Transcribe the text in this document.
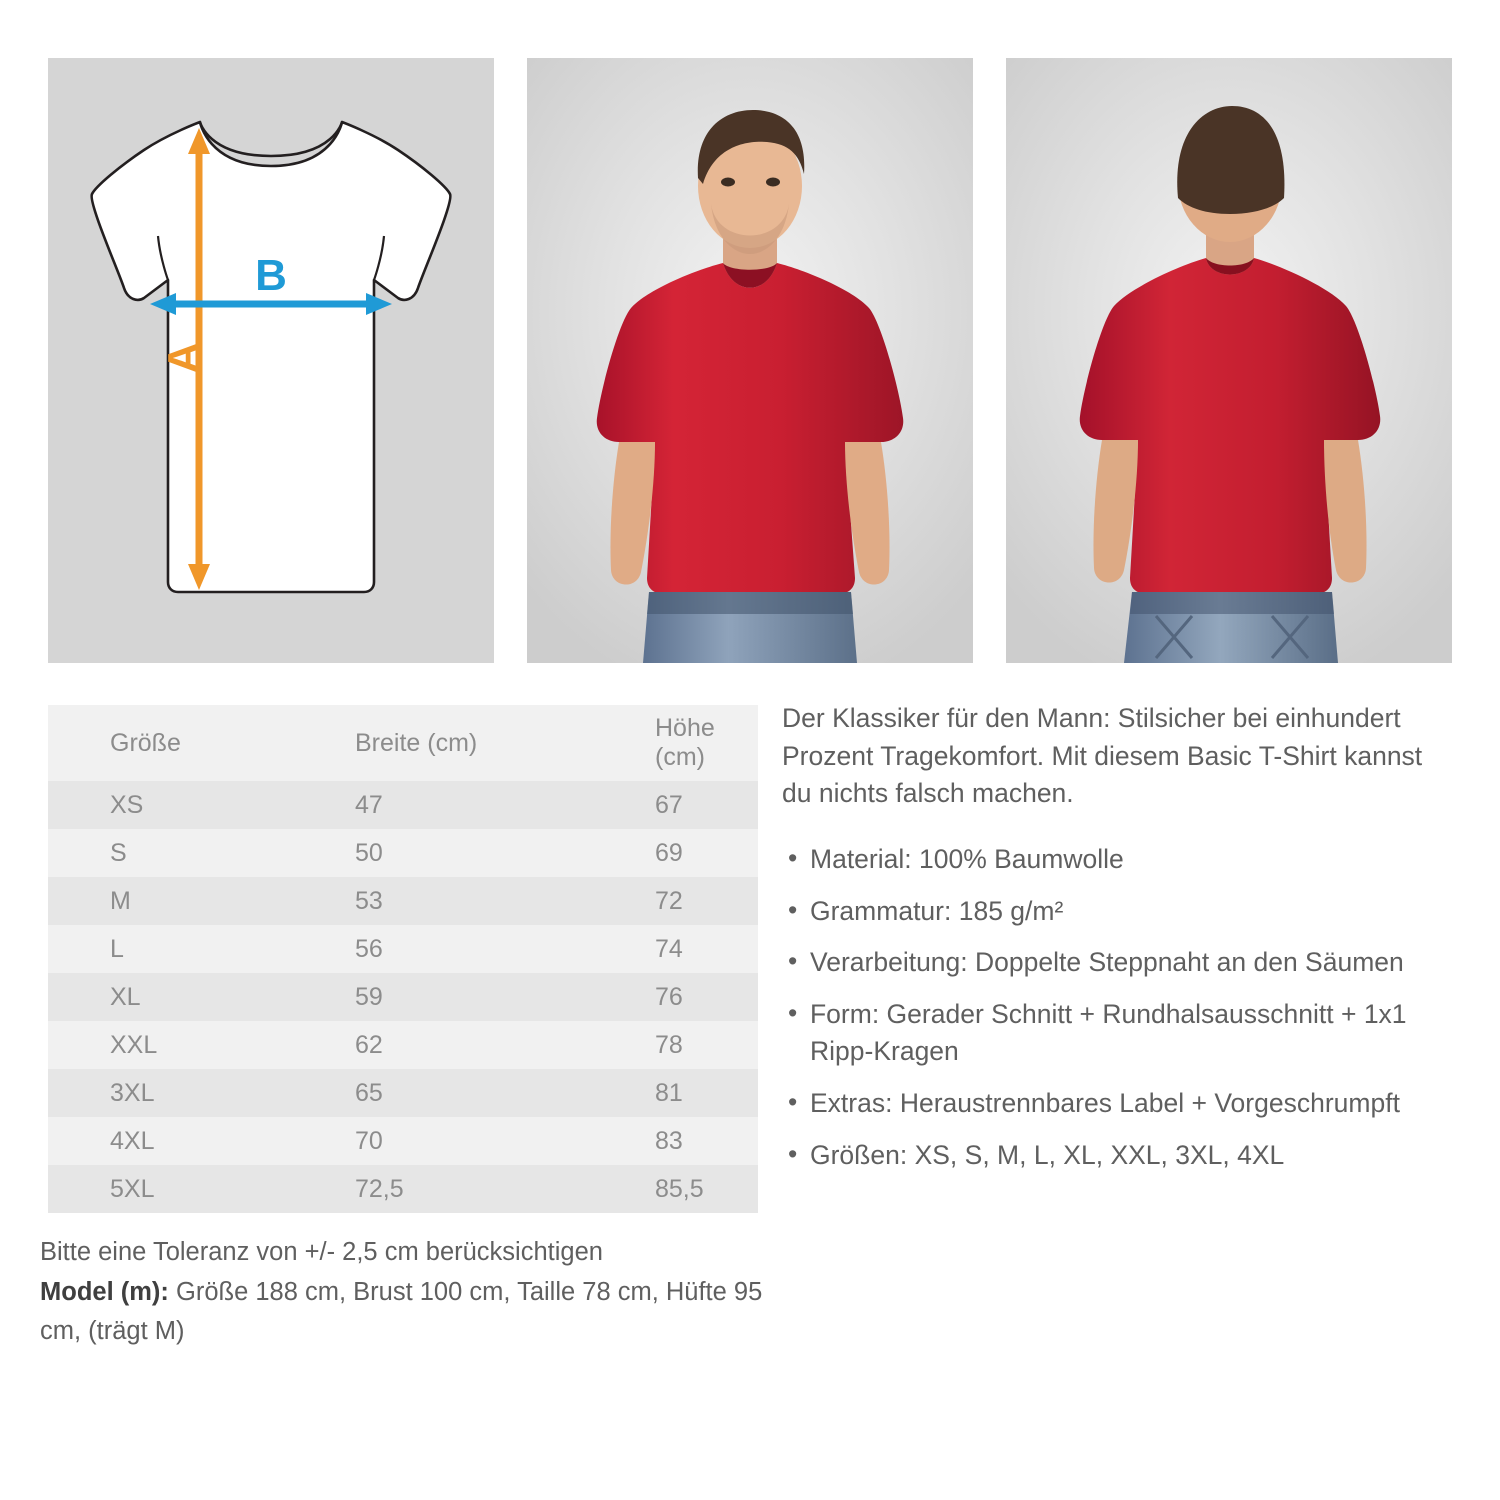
A
B
Größe	Breite (cm)	Höhe (cm)
XS	47	67
S	50	69
M	53	72
L	56	74
XL	59	76
XXL	62	78
3XL	65	81
4XL	70	83
5XL	72,5	85,5
Bitte eine Toleranz von +/- 2,5 cm berücksichtigen
Model (m): Größe 188 cm, Brust 100 cm, Taille 78 cm, Hüfte 95 cm, (trägt M)

Der Klassiker für den Mann: Stilsicher bei einhundert Prozent Tragekomfort. Mit diesem Basic T-Shirt kannst du nichts falsch machen.

• Material: 100% Baumwolle
• Grammatur: 185 g/m²
• Verarbeitung: Doppelte Steppnaht an den Säumen
• Form: Gerader Schnitt + Rundhalsausschnitt + 1x1 Ripp-Kragen
• Extras: Heraustrennbares Label + Vorgeschrumpft
• Größen: XS, S, M, L, XL, XXL, 3XL, 4XL
